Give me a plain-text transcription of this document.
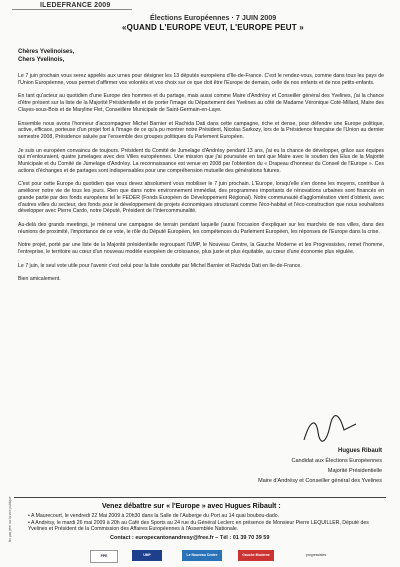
ILEDEFRANCE 2009
Élections Européennes · 7 JUIN 2009
«QUAND L'EUROPE VEUT, L'EUROPE PEUT »
Chères Yvelinoises,
Chers Yvelinois,

Le 7 juin prochain vous serez appelés aux urnes pour désigner les 13 députés européens d'Ile-de-France. C'est le rendez-vous, comme dans tous les pays de l'Union Européenne, vous permet d'affirmer vos volontés et vos choix sur ce que doit être l'Europe de demain, celle de nos enfants et de nos petits-enfants.

En tant qu'acteur au quotidien d'une Europe des hommes et du partage, mais aussi comme Maire d'Andrésy et Conseiller général des Yvelines, j'ai la chance d'être présent sur la liste de la Majorité Présidentielle et de porter l'image du Département des Yvelines au côté de Madame Véronique Coté-Millard, Maire des Clayes-sous-Bois et de Maryline Flet, Conseillère Municipale de Saint-Germain-en-Laye.

Ensemble nous avons l'honneur d'accompagner Michel Barnier et Rachida Dati dans cette campagne, riche et dense, pour défendre une Europe politique, active, efficace, porteuse d'un projet fort à l'image de ce qu'a pu montrer notre Président, Nicolas Sarkozy, lors de la Présidence française de l'Union au dernier semestre 2008, Présidence saluée par l'ensemble des groupes politiques du Parlement Européen.

Je suis un européen convaincu de toujours. Président du Comité de Jumelage d'Andrésy pendant 13 ans, j'ai eu la chance de développer, grâce aux équipes qui m'entouraient, quatre jumelages avec des Villes européennes. Une mission que j'ai poursuivie en tant que Maire avec le soutien des Elus de la Majorité Municipale et du Comité de Jumelage d'Andrésy. La reconnaissance est venue en 2008 par l'obtention du « Drapeau d'honneur du Conseil de l'Europe ». Ces actions d'échanges et de partages sont indispensables pour une compréhension mutuelle des générations futures.

C'est pour cette Europe du quotidien que vous devez absolument vous mobiliser le 7 juin prochain. L'Europe, lorsqu'elle s'en donne les moyens, contribue à améliorer notre vie de tous les jours. Rien que dans notre environnement immédiat, des programmes importants de rénovations urbaines sont financés en grande partie par des fonds européens tel le FEDER (Fonds Européen de Développement Régional). Notre communauté d'agglomération vient d'obtenir, avec d'autres villes du secteur, des fonds pour le développement de projets économiques structurant comme l'éco-habitat et l'éco-construction que nous souhaitons développer avec Pierre Cardo, notre Député, Président de l'Intercommunalité.

Au-delà des grands meetings, je mènerai une campagne de terrain pendant laquelle j'aurai l'occasion d'expliquer sur les marchés de nos villes, dans des réunions de proximité, l'importance de ce vote, le rôle du Député Européen, les compétences du Parlement Européen, les réponses de l'Europe dans la crise.

Notre projet, porté par une liste de la Majorité présidentielle regroupant l'UMP, le Nouveau Centre, la Gauche Moderne et les Progressistes, remet l'homme, l'entreprise, le territoire au cœur d'un nouveau modèle européen de croissance, plus juste et plus équitable, au cœur d'une économie plus régulée.

Le 7 juin, le seul vote utile pour l'avenir c'est celui pour la liste conduite par Michel Barnier et Rachida Dati en Ile-de-France.

Bien amicalement.

Hugues Ribault
Candidat aux Élections Européennes
Majorité Présidentielle
Maire d'Andrésy et Conseiller général des Yvelines
Venez débattre sur « l'Europe » avec Hugues Ribault :

• A Maurecourt, le vendredi 22 Mai 2009 à 20h30 dans la Salle de l'Auberge du Port au 14 quai boubou-dado.

• A Andrésy, le mardi 26 mai 2009 à 20h au Café des Sports au 24 rue du Général Leclerc en présence de Monsieur Pierre LEQUILLER, Député des Yvelines et Président de la Commission des Affaires Européennes à l'Assemblée Nationale.

Contact : europecantonandresy@free.fr – Tél : 01 39 70 39 59
PPE	UMP	Le Nouveau Centre	Gauche Moderne	progressistes
Ne pas jeter sur la voie publique
